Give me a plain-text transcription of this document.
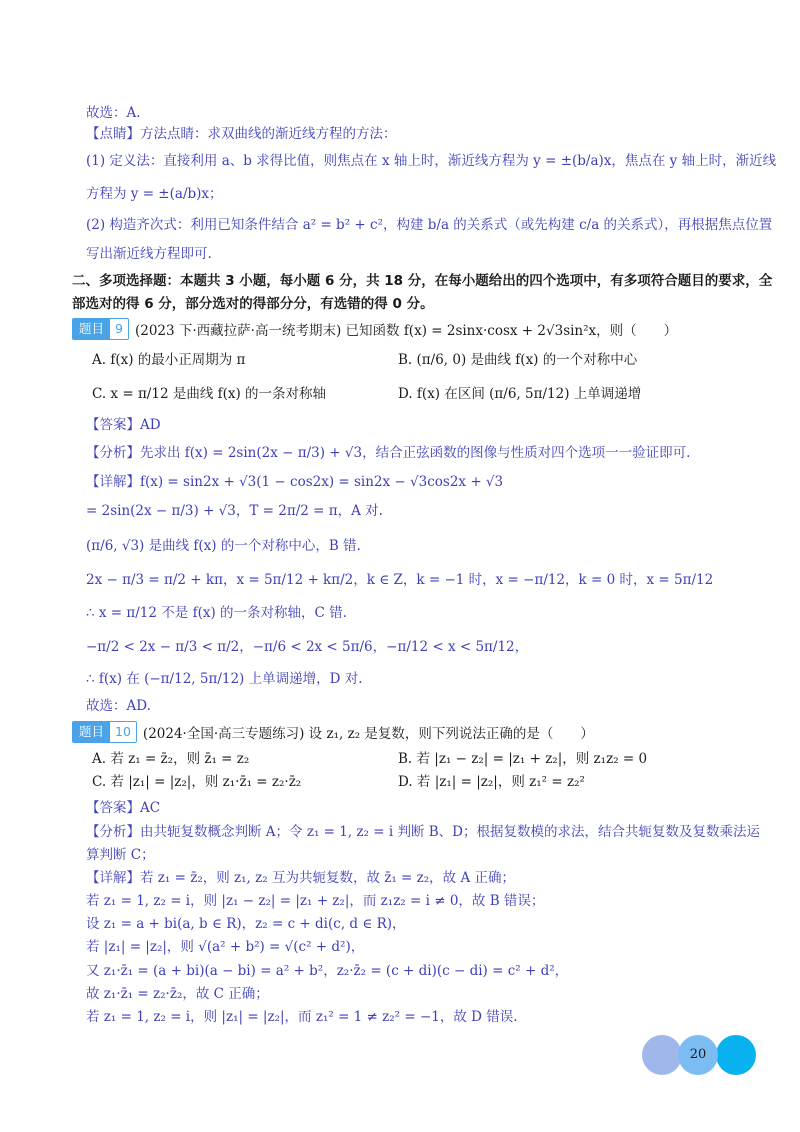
故选：A.
【点睛】方法点睛：求双曲线的渐近线方程的方法：
(1) 定义法：直接利用 a、b 求得比值，则焦点在 x 轴上时，渐近线方程为 y = ±(b/a)x，焦点在 y 轴上时，渐近线
方程为 y = ±(a/b)x；
(2) 构造齐次式：利用已知条件结合 a² = b² + c²，构建 b/a 的关系式（或先构建 c/a 的关系式），再根据焦点位置
写出渐近线方程即可.
二、多项选择题：本题共 3 小题，每小题 6 分，共 18 分，在每小题给出的四个选项中，有多项符合题目的要求，全
部选对的得 6 分，部分选对的得部分分，有选错的得 0 分。
题目 9 (2023 下·西藏拉萨·高一统考期末) 已知函数 f(x) = 2sinx·cosx + 2√3sin²x，则（　　）
A. f(x) 的最小正周期为 π	B. (π/6, 0) 是曲线 f(x) 的一个对称中心
C. x = π/12 是曲线 f(x) 的一条对称轴	D. f(x) 在区间 (π/6, 5π/12) 上单调递增
【答案】AD
【分析】先求出 f(x) = 2sin(2x − π/3) + √3，结合正弦函数的图像与性质对四个选项一一验证即可.
【详解】f(x) = sin2x + √3(1 − cos2x) = sin2x − √3cos2x + √3
= 2sin(2x − π/3) + √3，T = 2π/2 = π，A 对.
(π/6, √3) 是曲线 f(x) 的一个对称中心，B 错.
2x − π/3 = π/2 + kπ，x = 5π/12 + kπ/2，k ∈ Z，k = −1 时，x = −π/12，k = 0 时，x = 5π/12
∴ x = π/12 不是 f(x) 的一条对称轴，C 错.
−π/2 < 2x − π/3 < π/2，−π/6 < 2x < 5π/6，−π/12 < x < 5π/12，
∴ f(x) 在 (−π/12, 5π/12) 上单调递增，D 对.
故选：AD.
题目 10 (2024·全国·高三专题练习) 设 z₁, z₂ 是复数，则下列说法正确的是（　　）
A. 若 z₁ = z̄₂，则 z̄₁ = z₂	B. 若 |z₁ − z₂| = |z₁ + z₂|，则 z₁z₂ = 0
C. 若 |z₁| = |z₂|，则 z₁·z̄₁ = z₂·z̄₂	D. 若 |z₁| = |z₂|，则 z₁² = z₂²
【答案】AC
【分析】由共轭复数概念判断 A；令 z₁ = 1, z₂ = i 判断 B、D；根据复数模的求法，结合共轭复数及复数乘法运
算判断 C；
【详解】若 z₁ = z̄₂，则 z₁, z₂ 互为共轭复数，故 z̄₁ = z₂，故 A 正确；
若 z₁ = 1, z₂ = i，则 |z₁ − z₂| = |z₁ + z₂|，而 z₁z₂ = i ≠ 0，故 B 错误；
设 z₁ = a + bi(a, b ∈ R)，z₂ = c + di(c, d ∈ R)，
若 |z₁| = |z₂|，则 √(a² + b²) = √(c² + d²)，
又 z₁·z̄₁ = (a + bi)(a − bi) = a² + b²，z₂·z̄₂ = (c + di)(c − di) = c² + d²，
故 z₁·z̄₁ = z₂·z̄₂，故 C 正确；
若 z₁ = 1, z₂ = i，则 |z₁| = |z₂|，而 z₁² = 1 ≠ z₂² = −1，故 D 错误.
20
